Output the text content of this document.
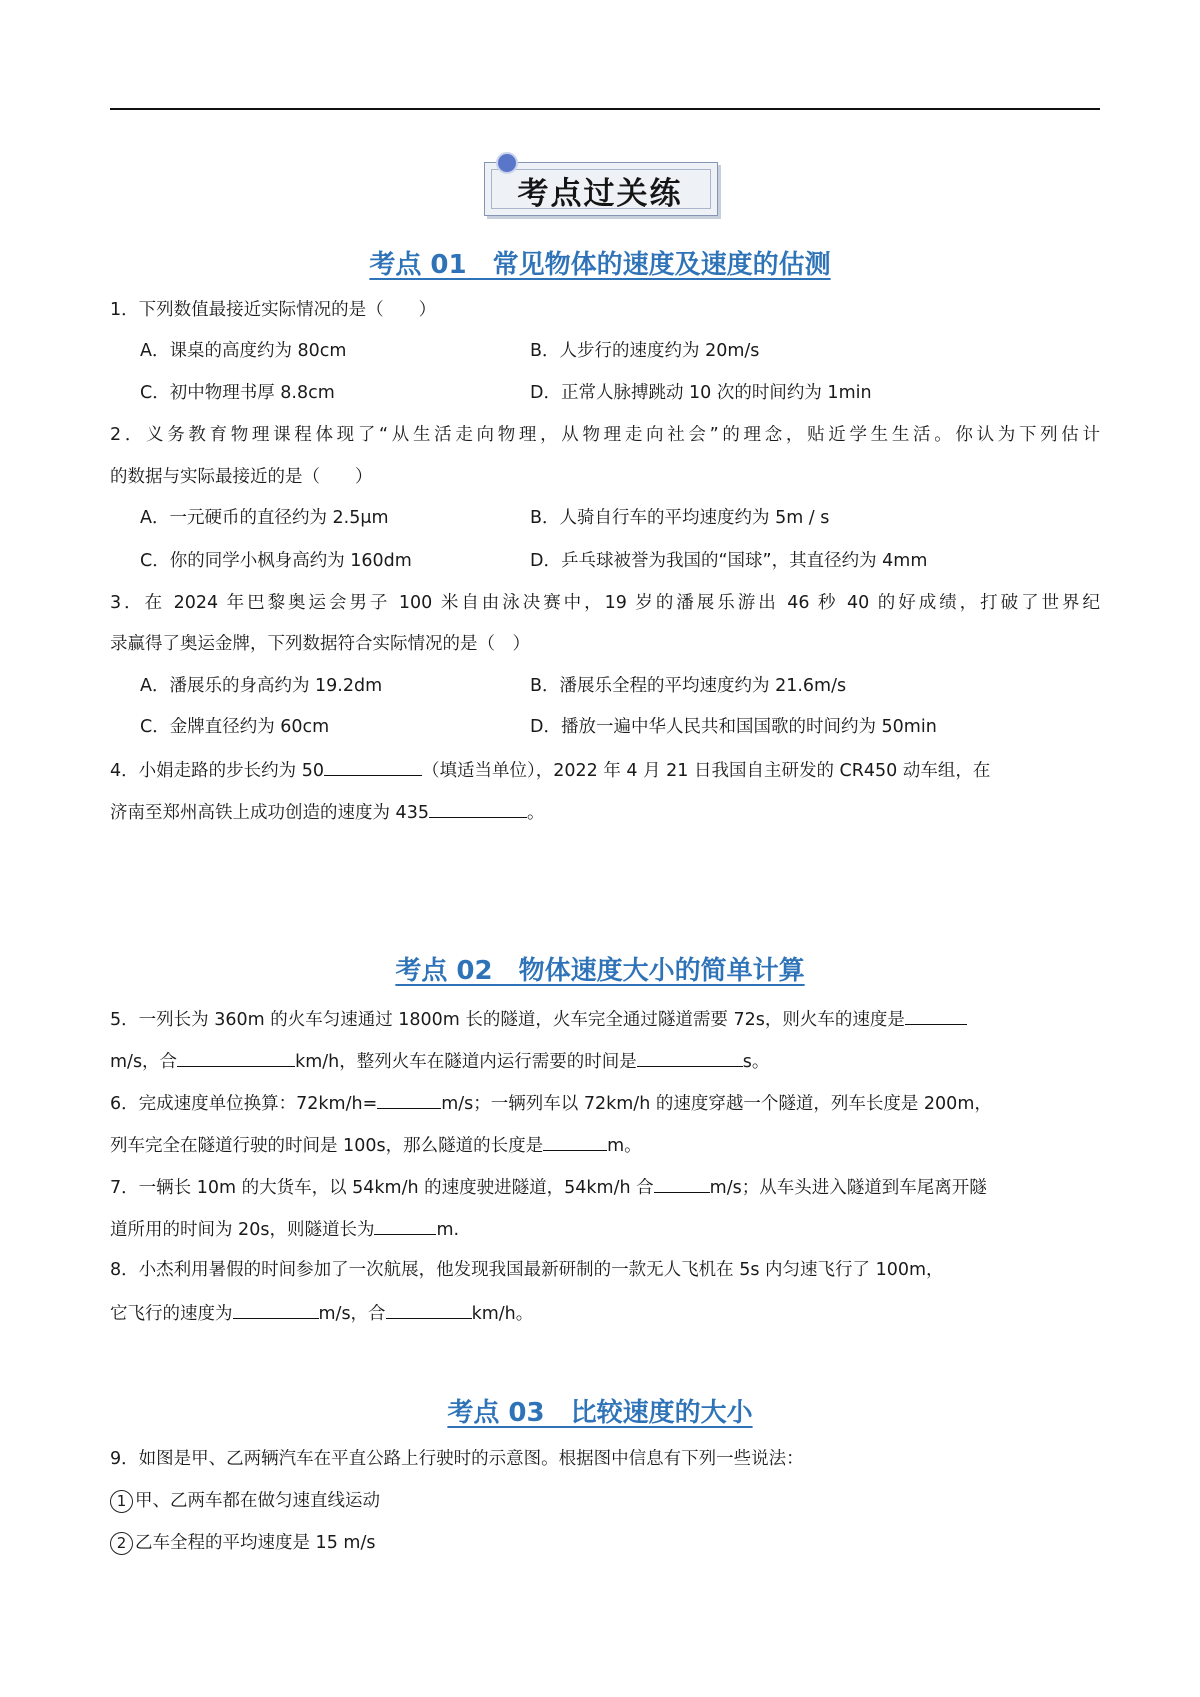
考点过关练
考点 01　常见物体的速度及速度的估测
1．下列数值最接近实际情况的是（　　）
A．课桌的高度约为 80cm	B．人步行的速度约为 20m/s
C．初中物理书厚 8.8cm	D．正常人脉搏跳动 10 次的时间约为 1min
2．义务教育物理课程体现了“从生活走向物理，从物理走向社会”的理念，贴近学生生活。你认为下列估计
的数据与实际最接近的是（　　）
A．一元硬币的直径约为 2.5μm	B．人骑自行车的平均速度约为 5m / s
C．你的同学小枫身高约为 160dm	D．乒乓球被誉为我国的“国球”，其直径约为 4mm
3．在 2024 年巴黎奥运会男子 100 米自由泳决赛中，19 岁的潘展乐游出 46 秒 40 的好成绩，打破了世界纪
录赢得了奥运金牌，下列数据符合实际情况的是（　）
A．潘展乐的身高约为 19.2dm	B．潘展乐全程的平均速度约为 21.6m/s
C．金牌直径约为 60cm	D．播放一遍中华人民共和国国歌的时间约为 50min
4．小娟走路的步长约为 50	（填适当单位），2022 年 4 月 21 日我国自主研发的 CR450 动车组，在
济南至郑州高铁上成功创造的速度为 435	。
考点 02　物体速度大小的简单计算
5．一列长为 360m 的火车匀速通过 1800m 长的隧道，火车完全通过隧道需要 72s，则火车的速度是
m/s，合	km/h，整列火车在隧道内运行需要的时间是	s。
6．完成速度单位换算：72km/h=	m/s；一辆列车以 72km/h 的速度穿越一个隧道，列车长度是 200m，
列车完全在隧道行驶的时间是 100s，那么隧道的长度是	m。
7．一辆长 10m 的大货车，以 54km/h 的速度驶进隧道，54km/h 合	m/s；从车头进入隧道到车尾离开隧
道所用的时间为 20s，则隧道长为	m.
8．小杰利用暑假的时间参加了一次航展，他发现我国最新研制的一款无人飞机在 5s 内匀速飞行了 100m，
它飞行的速度为	m/s，合	km/h。
考点 03　比较速度的大小
9．如图是甲、乙两辆汽车在平直公路上行驶时的示意图。根据图中信息有下列一些说法：
1 甲、乙两车都在做匀速直线运动
2 乙车全程的平均速度是 15 m/s
